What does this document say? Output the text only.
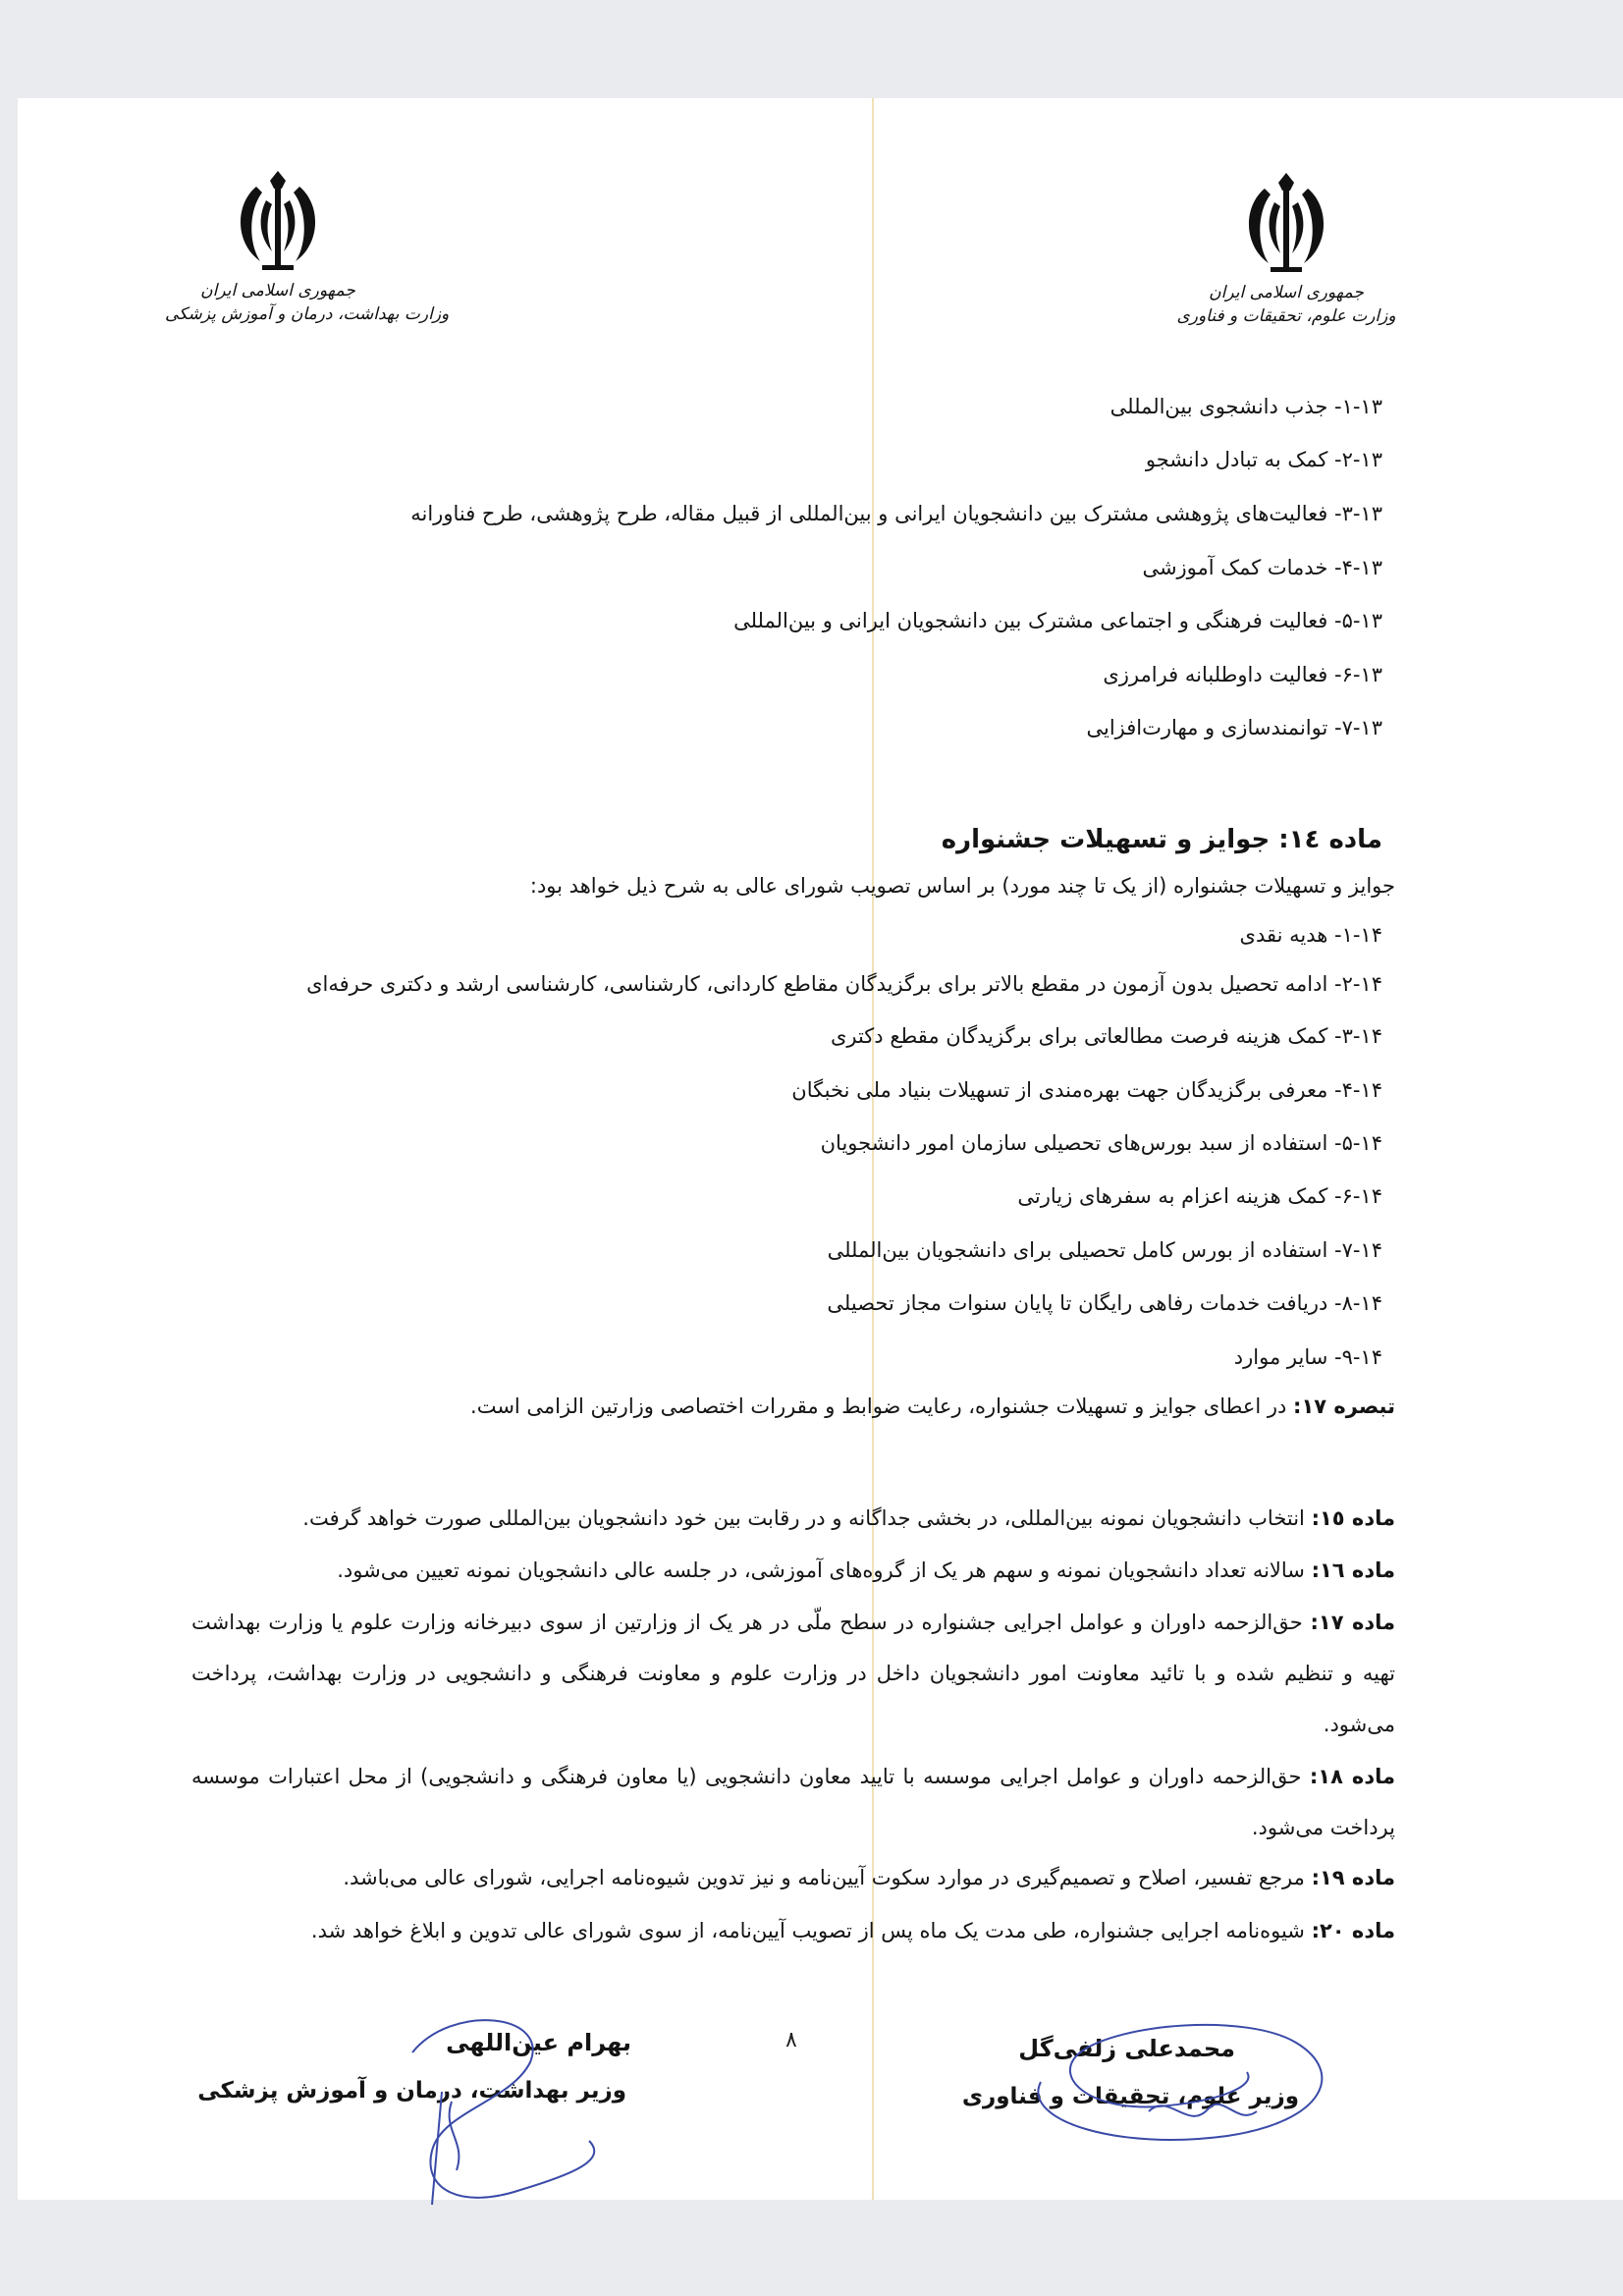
جمهوری اسلامی ایران
وزارت بهداشت، درمان و آموزش پزشکی
جمهوری اسلامی ایران
وزارت علوم، تحقیقات و فناوری
۱-۱۳- جذب دانشجوی بین‌المللی
۲-۱۳- کمک به تبادل دانشجو
۳-۱۳- فعالیت‌های پژوهشی مشترک بین دانشجویان ایرانی و بین‌المللی از قبیل مقاله، طرح پژوهشی، طرح فناورانه
۴-۱۳- خدمات کمک آموزشی
۵-۱۳- فعالیت فرهنگی و اجتماعی مشترک بین دانشجویان ایرانی و بین‌المللی
۶-۱۳- فعالیت داوطلبانه فرامرزی
۷-۱۳- توانمندسازی و مهارت‌افزایی
ماده ١٤: جوایز و تسهیلات جشنواره
جوایز و تسهیلات جشنواره (از یک تا چند مورد) بر اساس تصویب شورای عالی به شرح ذیل خواهد بود:
۱-۱۴- هدیه نقدی
۲-۱۴- ادامه تحصیل بدون آزمون در مقطع بالاتر برای برگزیدگان مقاطع کاردانی، کارشناسی، کارشناسی ارشد و دکتری حرفه‌ای
۳-۱۴- کمک هزینه فرصت مطالعاتی برای برگزیدگان مقطع دکتری
۴-۱۴- معرفی برگزیدگان جهت بهره‌مندی از تسهیلات بنیاد ملی نخبگان
۵-۱۴- استفاده از سبد بورس‌های تحصیلی سازمان امور دانشجویان
۶-۱۴- کمک هزینه اعزام به سفرهای زیارتی
۷-۱۴- استفاده از بورس کامل تحصیلی برای دانشجویان بین‌المللی
۸-۱۴- دریافت خدمات رفاهی رایگان تا پایان سنوات مجاز تحصیلی
۹-۱۴- سایر موارد
تبصره ١٧: در اعطای جوایز و تسهیلات جشنواره، رعایت ضوابط و مقررات اختصاصی وزارتین الزامی است.
ماده ١٥: انتخاب دانشجویان نمونه بین‌المللی، در بخشی جداگانه و در رقابت بین خود دانشجویان بین‌المللی صورت خواهد گرفت.
ماده ١٦: سالانه تعداد دانشجویان نمونه و سهم هر یک از گروه‌های آموزشی، در جلسه عالی دانشجویان نمونه تعیین می‌شود.
ماده ١٧: حق‌الزحمه داوران و عوامل اجرایی جشنواره در سطح ملّی در هر یک از وزارتین از سوی دبیرخانه وزارت علوم یا وزارت بهداشت تهیه و تنظیم شده و با تائید معاونت امور دانشجویان داخل در وزارت علوم و معاونت فرهنگی و دانشجویی در وزارت بهداشت، پرداخت می‌شود.
ماده ١٨: حق‌الزحمه داوران و عوامل اجرایی موسسه با تایید معاون دانشجویی (یا معاون فرهنگی و دانشجویی) از محل اعتبارات موسسه پرداخت می‌شود.
ماده ١٩: مرجع تفسیر، اصلاح و تصمیم‌گیری در موارد سکوت آیین‌نامه و نیز تدوین شیوه‌نامه اجرایی، شورای عالی می‌باشد.
ماده ٢٠: شیوه‌نامه اجرایی جشنواره، طی مدت یک ماه پس از تصویب آیین‌نامه، از سوی شورای عالی تدوین و ابلاغ خواهد شد.
۸	محمدعلی زلفی‌گل
وزیر علوم، تحقیقات و فناوری
بهرام عین‌اللهی
وزیر بهداشت، درمان و آموزش پزشکی
